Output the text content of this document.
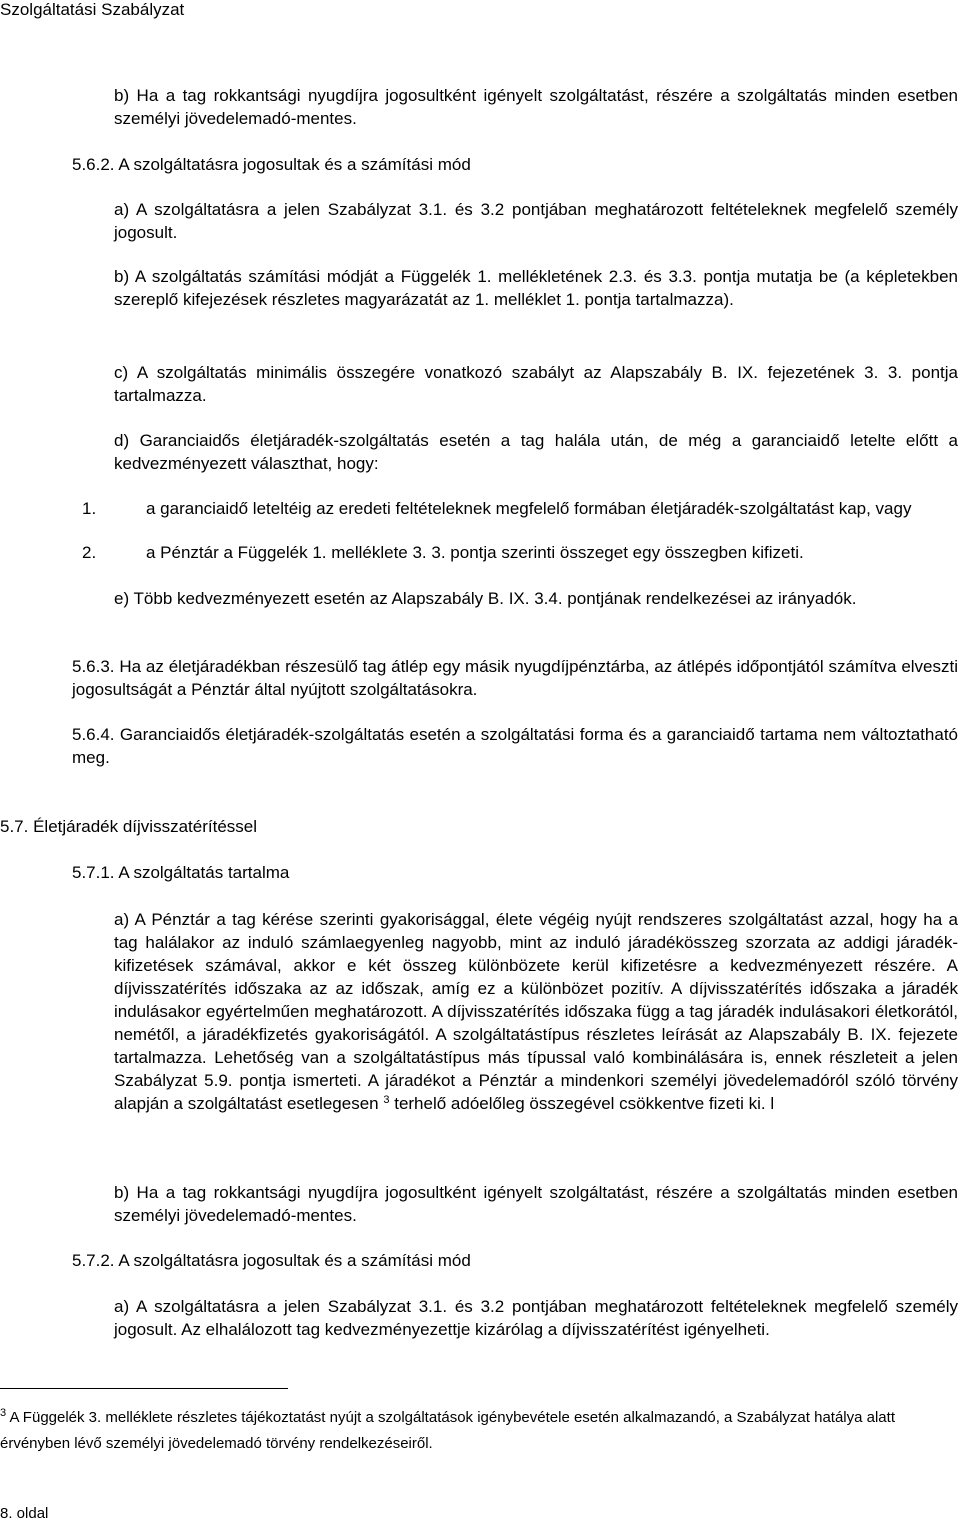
Szolgáltatási Szabályzat

b) Ha a tag rokkantsági nyugdíjra jogosultként igényelt szolgáltatást, részére a szolgáltatás minden esetben személyi jövedelemadó-mentes.

5.6.2. A szolgáltatásra jogosultak és a számítási mód

a) A szolgáltatásra a jelen Szabályzat 3.1. és 3.2 pontjában meghatározott feltételeknek megfelelő személy jogosult.

b) A szolgáltatás számítási módját a Függelék 1. mellékletének 2.3. és 3.3. pontja mutatja be (a képletekben szereplő kifejezések részletes magyarázatát az 1. melléklet 1. pontja tartalmazza).

c) A szolgáltatás minimális összegére vonatkozó szabályt az Alapszabály B. IX. fejezetének 3. 3. pontja tartalmazza.

d) Garanciaidős életjáradék-szolgáltatás esetén a tag halála után, de még a garanciaidő letelte előtt a kedvezményezett választhat, hogy:

1.	a garanciaidő leteltéig az eredeti feltételeknek megfelelő formában életjáradék-szolgáltatást kap, vagy
2.	a Pénztár a Függelék 1. melléklete 3. 3. pontja szerinti összeget egy összegben kifizeti.

e) Több kedvezményezett esetén az Alapszabály B. IX. 3.4. pontjának rendelkezései az irányadók.

5.6.3. Ha az életjáradékban részesülő tag átlép egy másik nyugdíjpénztárba, az átlépés időpontjától számítva elveszti jogosultságát a Pénztár által nyújtott szolgáltatásokra.

5.6.4. Garanciaidős életjáradék-szolgáltatás esetén a szolgáltatási forma és a garanciaidő tartama nem változtatható meg.

5.7. Életjáradék díjvisszatérítéssel

5.7.1. A szolgáltatás tartalma

a) A Pénztár a tag kérése szerinti gyakorisággal, élete végéig nyújt rendszeres szolgáltatást azzal, hogy ha a tag halálakor az induló számlaegyenleg nagyobb, mint az induló járadékösszeg szorzata az addigi járadék-kifizetések számával, akkor e két összeg különbözete kerül kifizetésre a kedvezményezett részére. A díjvisszatérítés időszaka az az időszak, amíg ez a különbözet pozitív. A díjvisszatérítés időszaka a járadék indulásakor egyértelműen meghatározott. A díjvisszatérítés időszaka függ a tag járadék indulásakori életkorától, nemétől, a járadékfizetés gyakoriságától. A szolgáltatástípus részletes leírását az Alapszabály B. IX. fejezete tartalmazza. Lehetőség van a szolgáltatástípus más típussal való kombinálására is, ennek részleteit a jelen Szabályzat 5.9. pontja ismerteti. A járadékot a Pénztár a mindenkori személyi jövedelemadóról szóló törvény alapján a szolgáltatást esetlegesen $^3$ terhelő adóelőleg összegével csökkentve fizeti ki. l

b) Ha a tag rokkantsági nyugdíjra jogosultként igényelt szolgáltatást, részére a szolgáltatás minden esetben személyi jövedelemadó-mentes.

5.7.2. A szolgáltatásra jogosultak és a számítási mód

a) A szolgáltatásra a jelen Szabályzat 3.1. és 3.2 pontjában meghatározott feltételeknek megfelelő személy jogosult. Az elhalálozott tag kedvezményezettje kizárólag a díjvisszatérítést igényelheti.

$^3$ A Függelék 3. melléklete részletes tájékoztatást nyújt a szolgáltatások igénybevétele esetén alkalmazandó, a Szabályzat hatálya alatt érvényben lévő személyi jövedelemadó törvény rendelkezéseiről.

8. oldal
